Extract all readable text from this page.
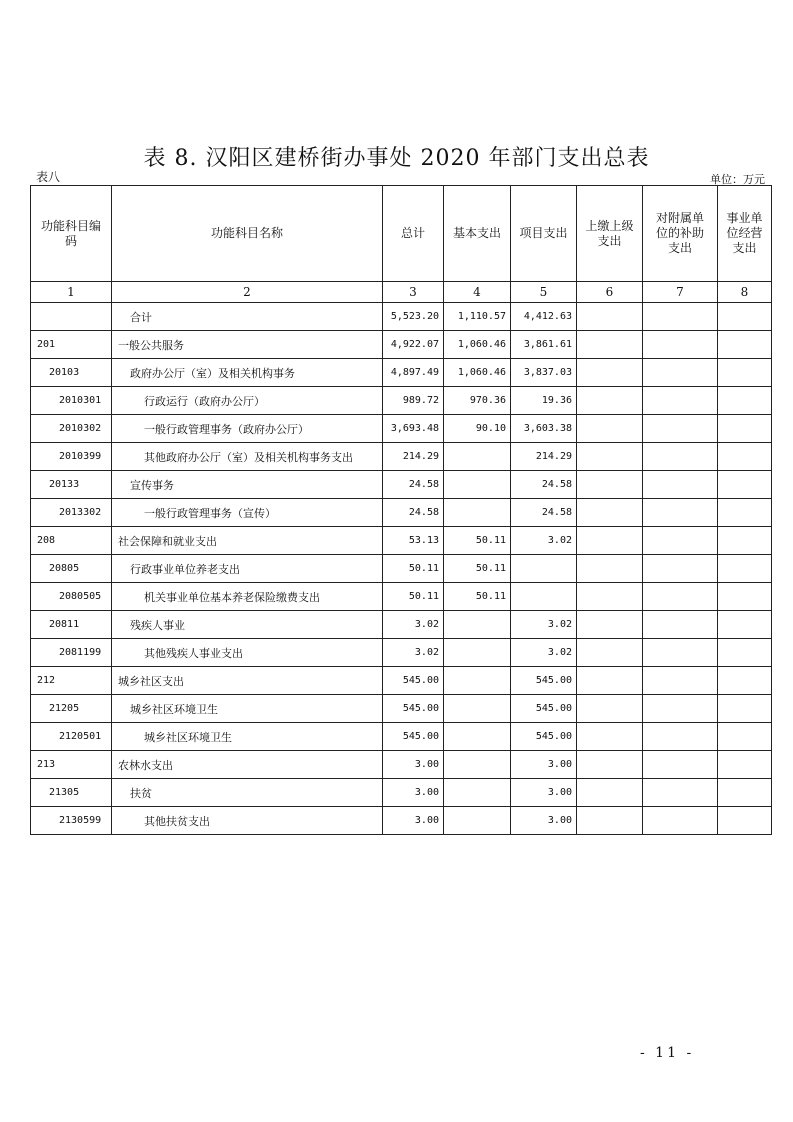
表 8. 汉阳区建桥街办事处 2020 年部门支出总表
表八	单位：万元
功能科目编码	功能科目名称	总计	基本支出	项目支出	上缴上级支出	对附属单位的补助支出	事业单位经营支出
1	2	3	4	5	6	7	8
	合计	5,523.20	1,110.57	4,412.63			
201	一般公共服务	4,922.07	1,060.46	3,861.61			
20103	政府办公厅（室）及相关机构事务	4,897.49	1,060.46	3,837.03			
2010301	行政运行（政府办公厅）	989.72	970.36	19.36			
2010302	一般行政管理事务（政府办公厅）	3,693.48	90.10	3,603.38			
2010399	其他政府办公厅（室）及相关机构事务支出	214.29		214.29			
20133	宣传事务	24.58		24.58			
2013302	一般行政管理事务（宣传）	24.58		24.58			
208	社会保障和就业支出	53.13	50.11	3.02			
20805	行政事业单位养老支出	50.11	50.11				
2080505	机关事业单位基本养老保险缴费支出	50.11	50.11				
20811	残疾人事业	3.02		3.02			
2081199	其他残疾人事业支出	3.02		3.02			
212	城乡社区支出	545.00		545.00			
21205	城乡社区环境卫生	545.00		545.00			
2120501	城乡社区环境卫生	545.00		545.00			
213	农林水支出	3.00		3.00			
21305	扶贫	3.00		3.00			
2130599	其他扶贫支出	3.00		3.00			
- 11 -
